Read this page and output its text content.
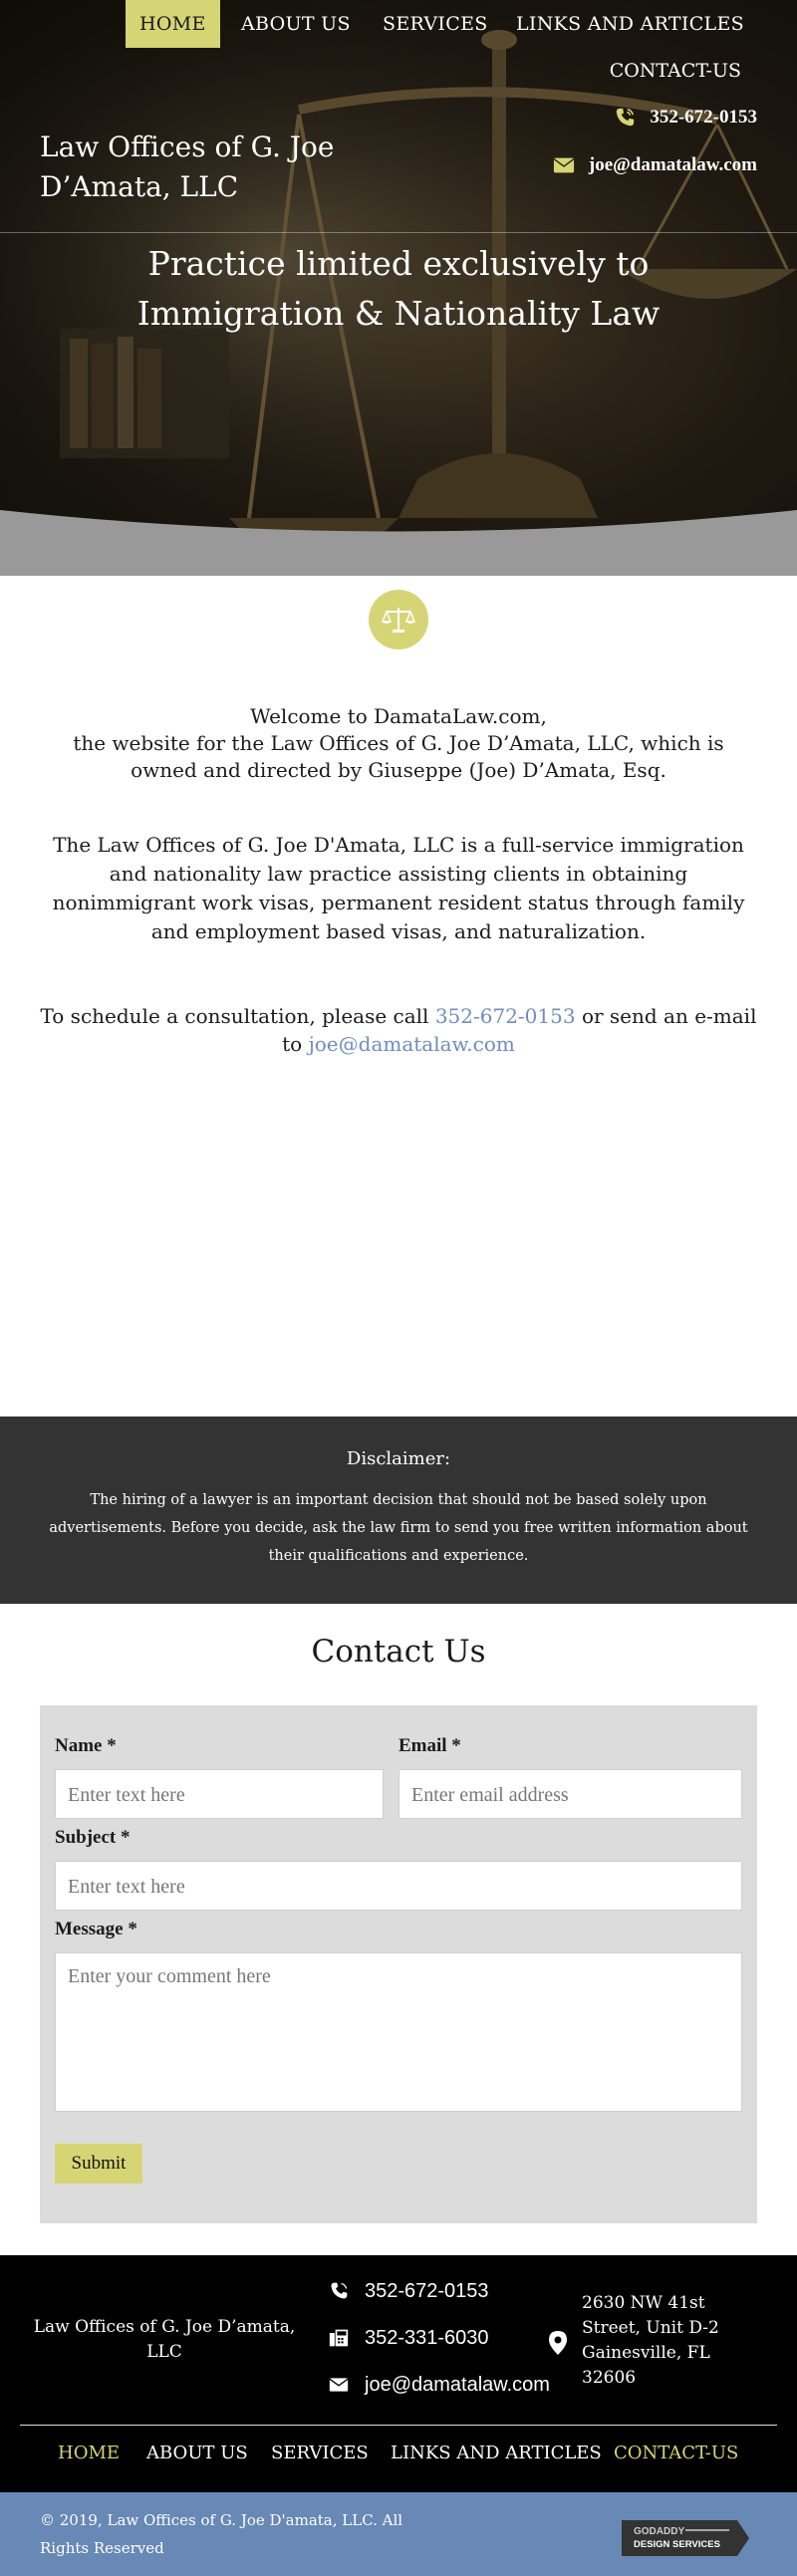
HOME	ABOUT US SERVICES LINKS AND ARTICLES
CONTACT-US
Law Offices of G. Joe D’Amata, LLC
352-672-0153
joe@damatalaw.com
Practice limited exclusively to Immigration & Nationality Law
Welcome to DamataLaw.com,
the website for the Law Offices of G. Joe D’Amata, LLC, which is owned and directed by Giuseppe (Joe) D’Amata, Esq.
The Law Offices of G. Joe D'Amata, LLC is a full-service immigration and nationality law practice assisting clients in obtaining nonimmigrant work visas, permanent resident status through family and employment based visas, and naturalization.
To schedule a consultation, please call 352-672-0153 or send an e-mail to joe@damatalaw.com
Disclaimer:
The hiring of a lawyer is an important decision that should not be based solely upon advertisements. Before you decide, ask the law firm to send you free written information about their qualifications and experience.
Contact Us
Name *
Enter text here
Email *
Enter email address
Subject *
Enter text here
Message *
Enter your comment here
Submit
Law Offices of G. Joe D’amata, LLC
352-672-0153
352-331-6030
joe@damatalaw.com
2630 NW 41st Street, Unit D-2 Gainesville, FL 32606
HOME ABOUT US SERVICES LINKS AND ARTICLES CONTACT-US
© 2019, Law Offices of G. Joe D'amata, LLC. All Rights Reserved
GODADDY
DESIGN SERVICES
